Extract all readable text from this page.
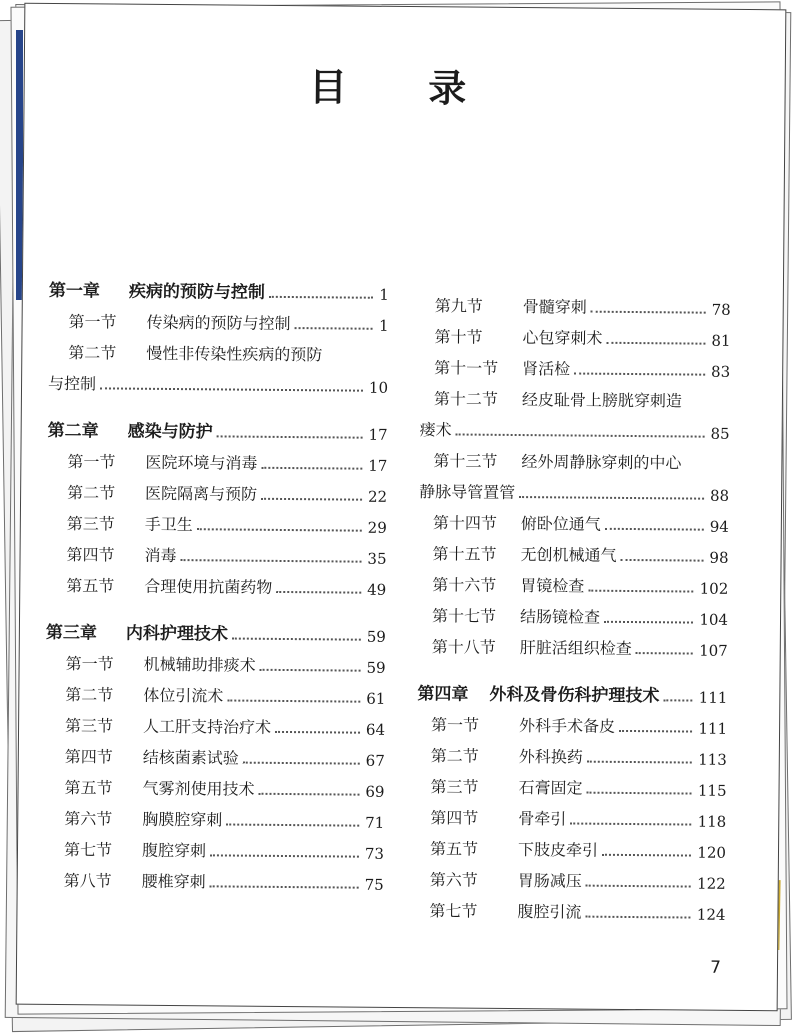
目 录
第一章	疾病的预防与控制	1
第一节	传染病的预防与控制	1
第二节	慢性非传染性疾病的预防
与控制	10
第二章	感染与防护	17
第一节	医院环境与消毒	17
第二节	医院隔离与预防	22
第三节	手卫生	29
第四节	消毒	35
第五节	合理使用抗菌药物	49
第三章	内科护理技术	59
第一节	机械辅助排痰术	59
第二节	体位引流术	61
第三节	人工肝支持治疗术	64
第四节	结核菌素试验	67
第五节	气雾剂使用技术	69
第六节	胸膜腔穿刺	71
第七节	腹腔穿刺	73
第八节	腰椎穿刺	75
第九节	骨髓穿刺	78
第十节	心包穿刺术	81
第十一节	肾活检	83
第十二节	经皮耻骨上膀胱穿刺造
瘘术	85
第十三节	经外周静脉穿刺的中心
静脉导管置管	88
第十四节	俯卧位通气	94
第十五节	无创机械通气	98
第十六节	胃镜检查	102
第十七节	结肠镜检查	104
第十八节	肝脏活组织检查	107
第四章	外科及骨伤科护理技术	111
第一节	外科手术备皮	111
第二节	外科换药	113
第三节	石膏固定	115
第四节	骨牵引	118
第五节	下肢皮牵引	120
第六节	胃肠减压	122
第七节	腹腔引流	124
7
